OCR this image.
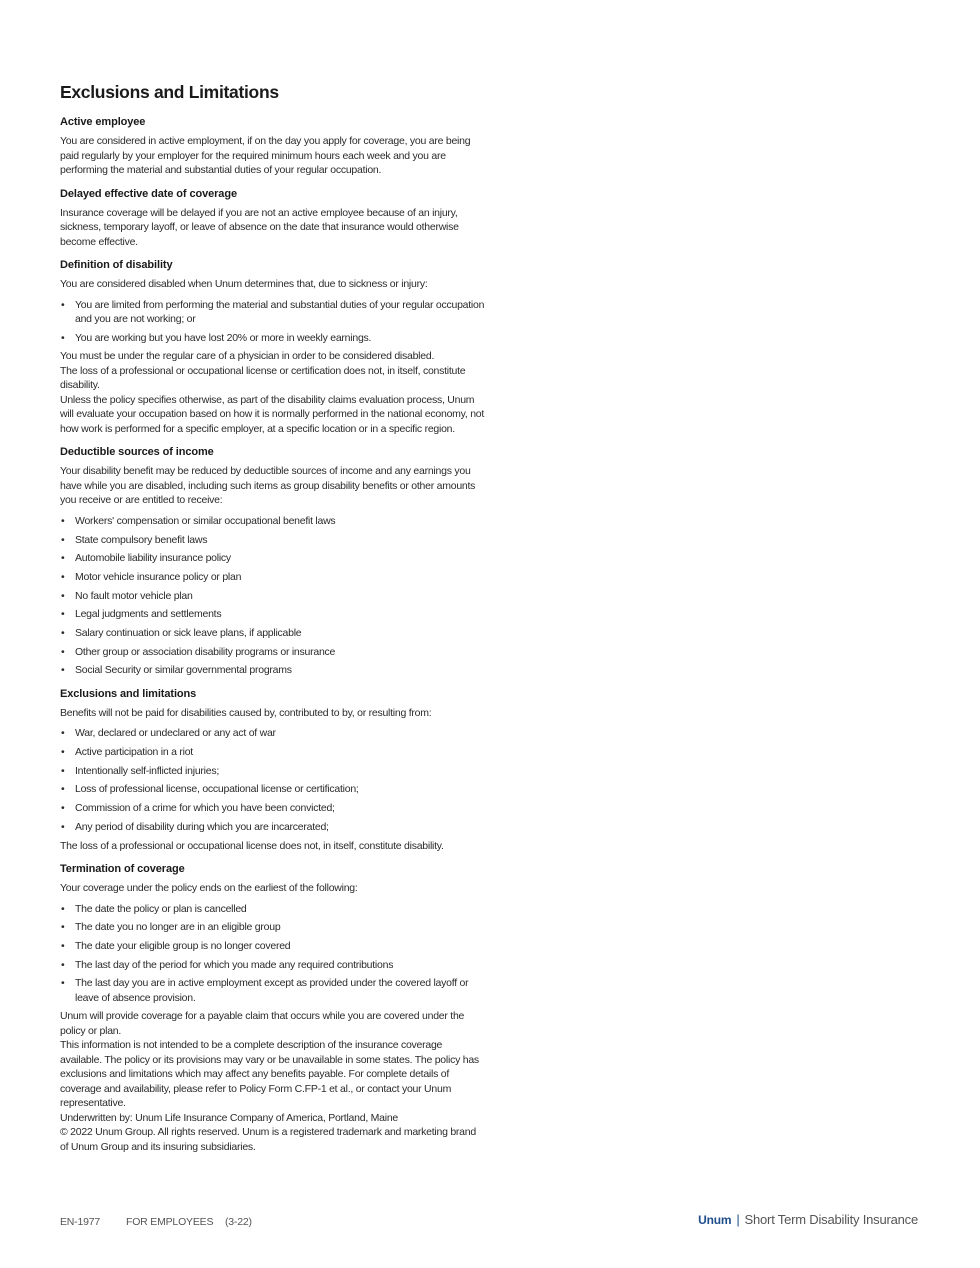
Exclusions and Limitations
Active employee

You are considered in active employment, if on the day you apply for coverage, you are being paid regularly by your employer for the required minimum hours each week and you are performing the material and substantial duties of your regular occupation.

Delayed effective date of coverage

Insurance coverage will be delayed if you are not an active employee because of an injury, sickness, temporary layoff, or leave of absence on the date that insurance would otherwise become effective.

Definition of disability

You are considered disabled when Unum determines that, due to sickness or injury:

• You are limited from performing the material and substantial duties of your regular occupation and you are not working; or
• You are working but you have lost 20% or more in weekly earnings.

You must be under the regular care of a physician in order to be considered disabled.

The loss of a professional or occupational license or certification does not, in itself, constitute disability.

Unless the policy specifies otherwise, as part of the disability claims evaluation process, Unum will evaluate your occupation based on how it is normally performed in the national economy, not how work is performed for a specific employer, at a specific location or in a specific region.

Deductible sources of income

Your disability benefit may be reduced by deductible sources of income and any earnings you have while you are disabled, including such items as group disability benefits or other amounts you receive or are entitled to receive:

• Workers' compensation or similar occupational benefit laws
• State compulsory benefit laws
• Automobile liability insurance policy
• Motor vehicle insurance policy or plan
• No fault motor vehicle plan
• Legal judgments and settlements
• Salary continuation or sick leave plans, if applicable
• Other group or association disability programs or insurance
• Social Security or similar governmental programs
Exclusions and limitations

Benefits will not be paid for disabilities caused by, contributed to by, or resulting from:

• War, declared or undeclared or any act of war
• Active participation in a riot
• Intentionally self-inflicted injuries;
• Loss of professional license, occupational license or certification;
• Commission of a crime for which you have been convicted;
• Any period of disability during which you are incarcerated;

The loss of a professional or occupational license does not, in itself, constitute disability.

Termination of coverage

Your coverage under the policy ends on the earliest of the following:

• The date the policy or plan is cancelled
• The date you no longer are in an eligible group
• The date your eligible group is no longer covered
• The last day of the period for which you made any required contributions
• The last day you are in active employment except as provided under the covered layoff or leave of absence provision.

Unum will provide coverage for a payable claim that occurs while you are covered under the policy or plan.

This information is not intended to be a complete description of the insurance coverage available. The policy or its provisions may vary or be unavailable in some states. The policy has exclusions and limitations which may affect any benefits payable. For complete details of coverage and availability, please refer to Policy Form C.FP-1 et al., or contact your Unum representative.

Underwritten by: Unum Life Insurance Company of America, Portland, Maine

© 2022 Unum Group. All rights reserved. Unum is a registered trademark and marketing brand of Unum Group and its insuring subsidiaries.

EN-1977 FOR EMPLOYEES (3-22)	Unum | Short Term Disability Insurance
